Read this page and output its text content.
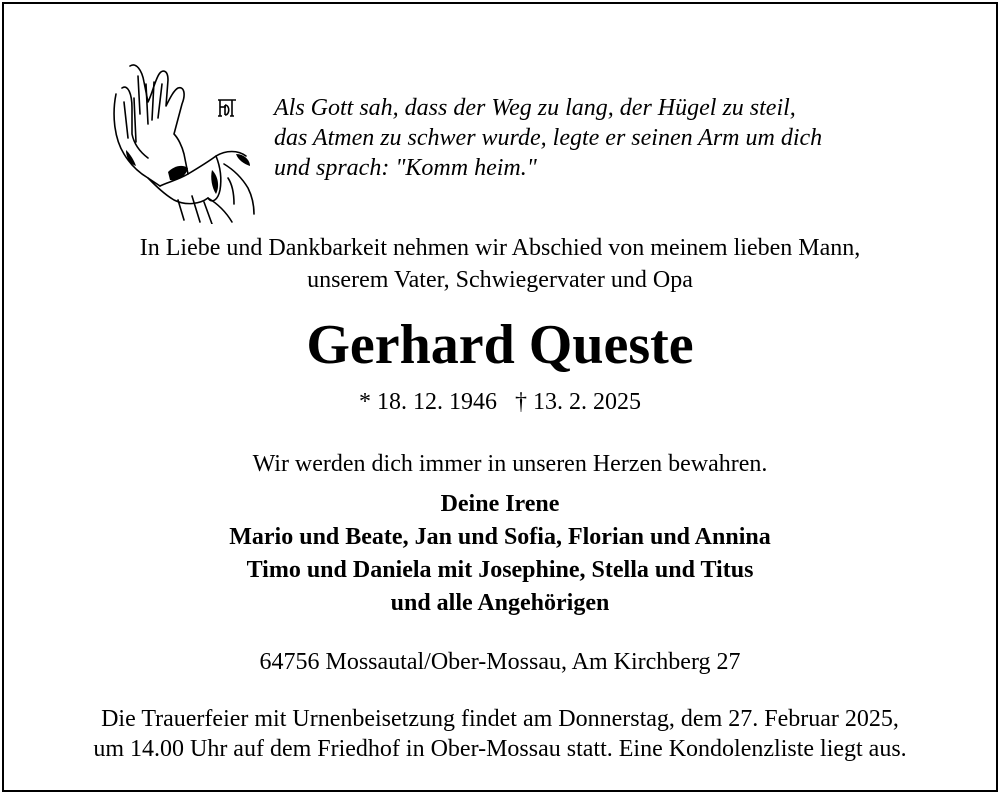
Als Gott sah, dass der Weg zu lang, der Hügel zu steil,
das Atmen zu schwer wurde, legte er seinen Arm um dich
und sprach: "Komm heim."
In Liebe und Dankbarkeit nehmen wir Abschied von meinem lieben Mann,
unserem Vater, Schwiegervater und Opa
Gerhard Queste
* 18. 12. 1946   † 13. 2. 2025
Wir werden dich immer in unseren Herzen bewahren.
Deine Irene
Mario und Beate, Jan und Sofia, Florian und Annina
Timo und Daniela mit Josephine, Stella und Titus
und alle Angehörigen
64756 Mossautal/Ober-Mossau, Am Kirchberg 27
Die Trauerfeier mit Urnenbeisetzung findet am Donnerstag, dem 27. Februar 2025,
um 14.00 Uhr auf dem Friedhof in Ober-Mossau statt. Eine Kondolenzliste liegt aus.
